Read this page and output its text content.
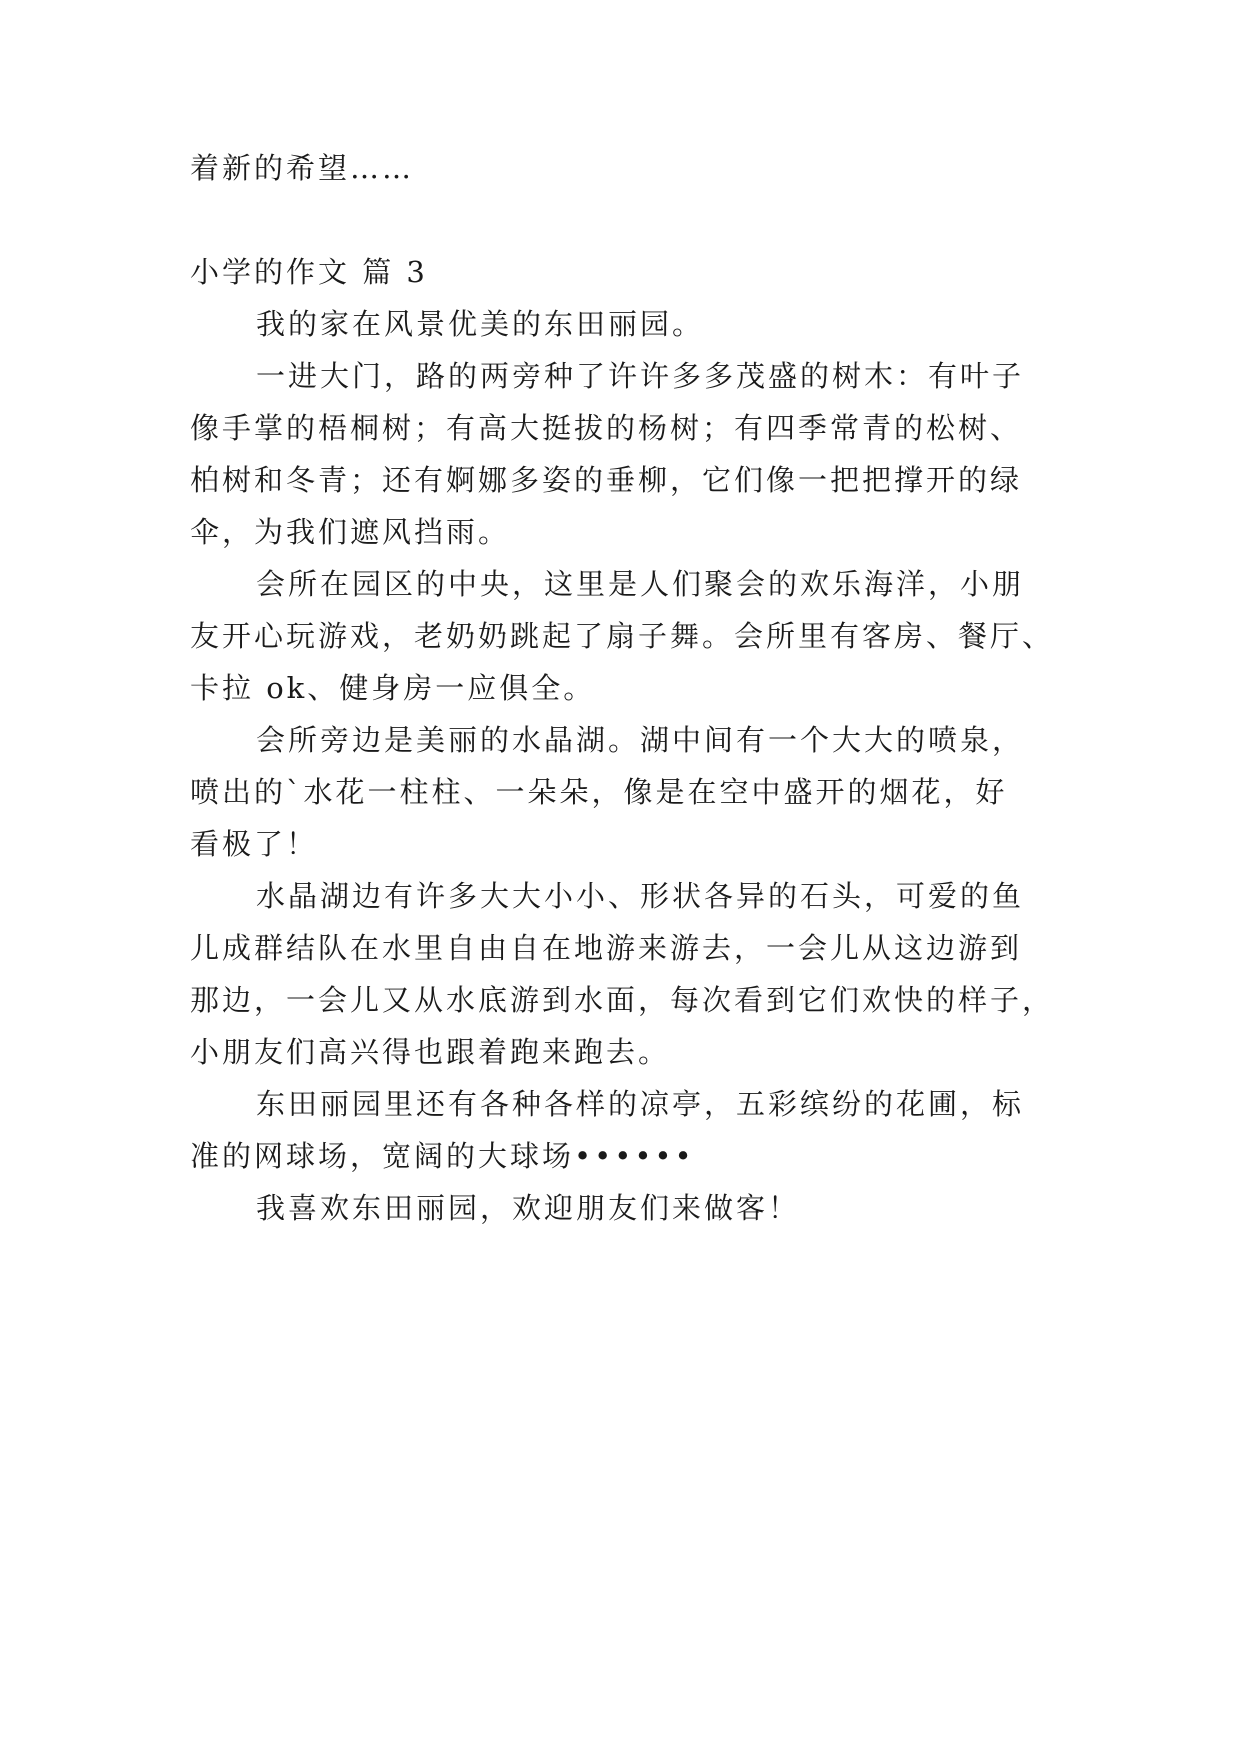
着新的希望……

小学的作文 篇 3

我的家在风景优美的东田丽园。

一进大门，路的两旁种了许许多多茂盛的树木：有叶子

像手掌的梧桐树；有高大挺拔的杨树；有四季常青的松树、

柏树和冬青；还有婀娜多姿的垂柳，它们像一把把撑开的绿

伞，为我们遮风挡雨。

会所在园区的中央，这里是人们聚会的欢乐海洋，小朋

友开心玩游戏，老奶奶跳起了扇子舞。会所里有客房、餐厅、

卡拉 ok、健身房一应俱全。

会所旁边是美丽的水晶湖。湖中间有一个大大的喷泉，

喷出的`水花一柱柱、一朵朵，像是在空中盛开的烟花，好

看极了！

水晶湖边有许多大大小小、形状各异的石头，可爱的鱼

儿成群结队在水里自由自在地游来游去，一会儿从这边游到

那边，一会儿又从水底游到水面，每次看到它们欢快的样子，

小朋友们高兴得也跟着跑来跑去。

东田丽园里还有各种各样的凉亭，五彩缤纷的花圃，标

准的网球场，宽阔的大球场••••••

我喜欢东田丽园，欢迎朋友们来做客！
